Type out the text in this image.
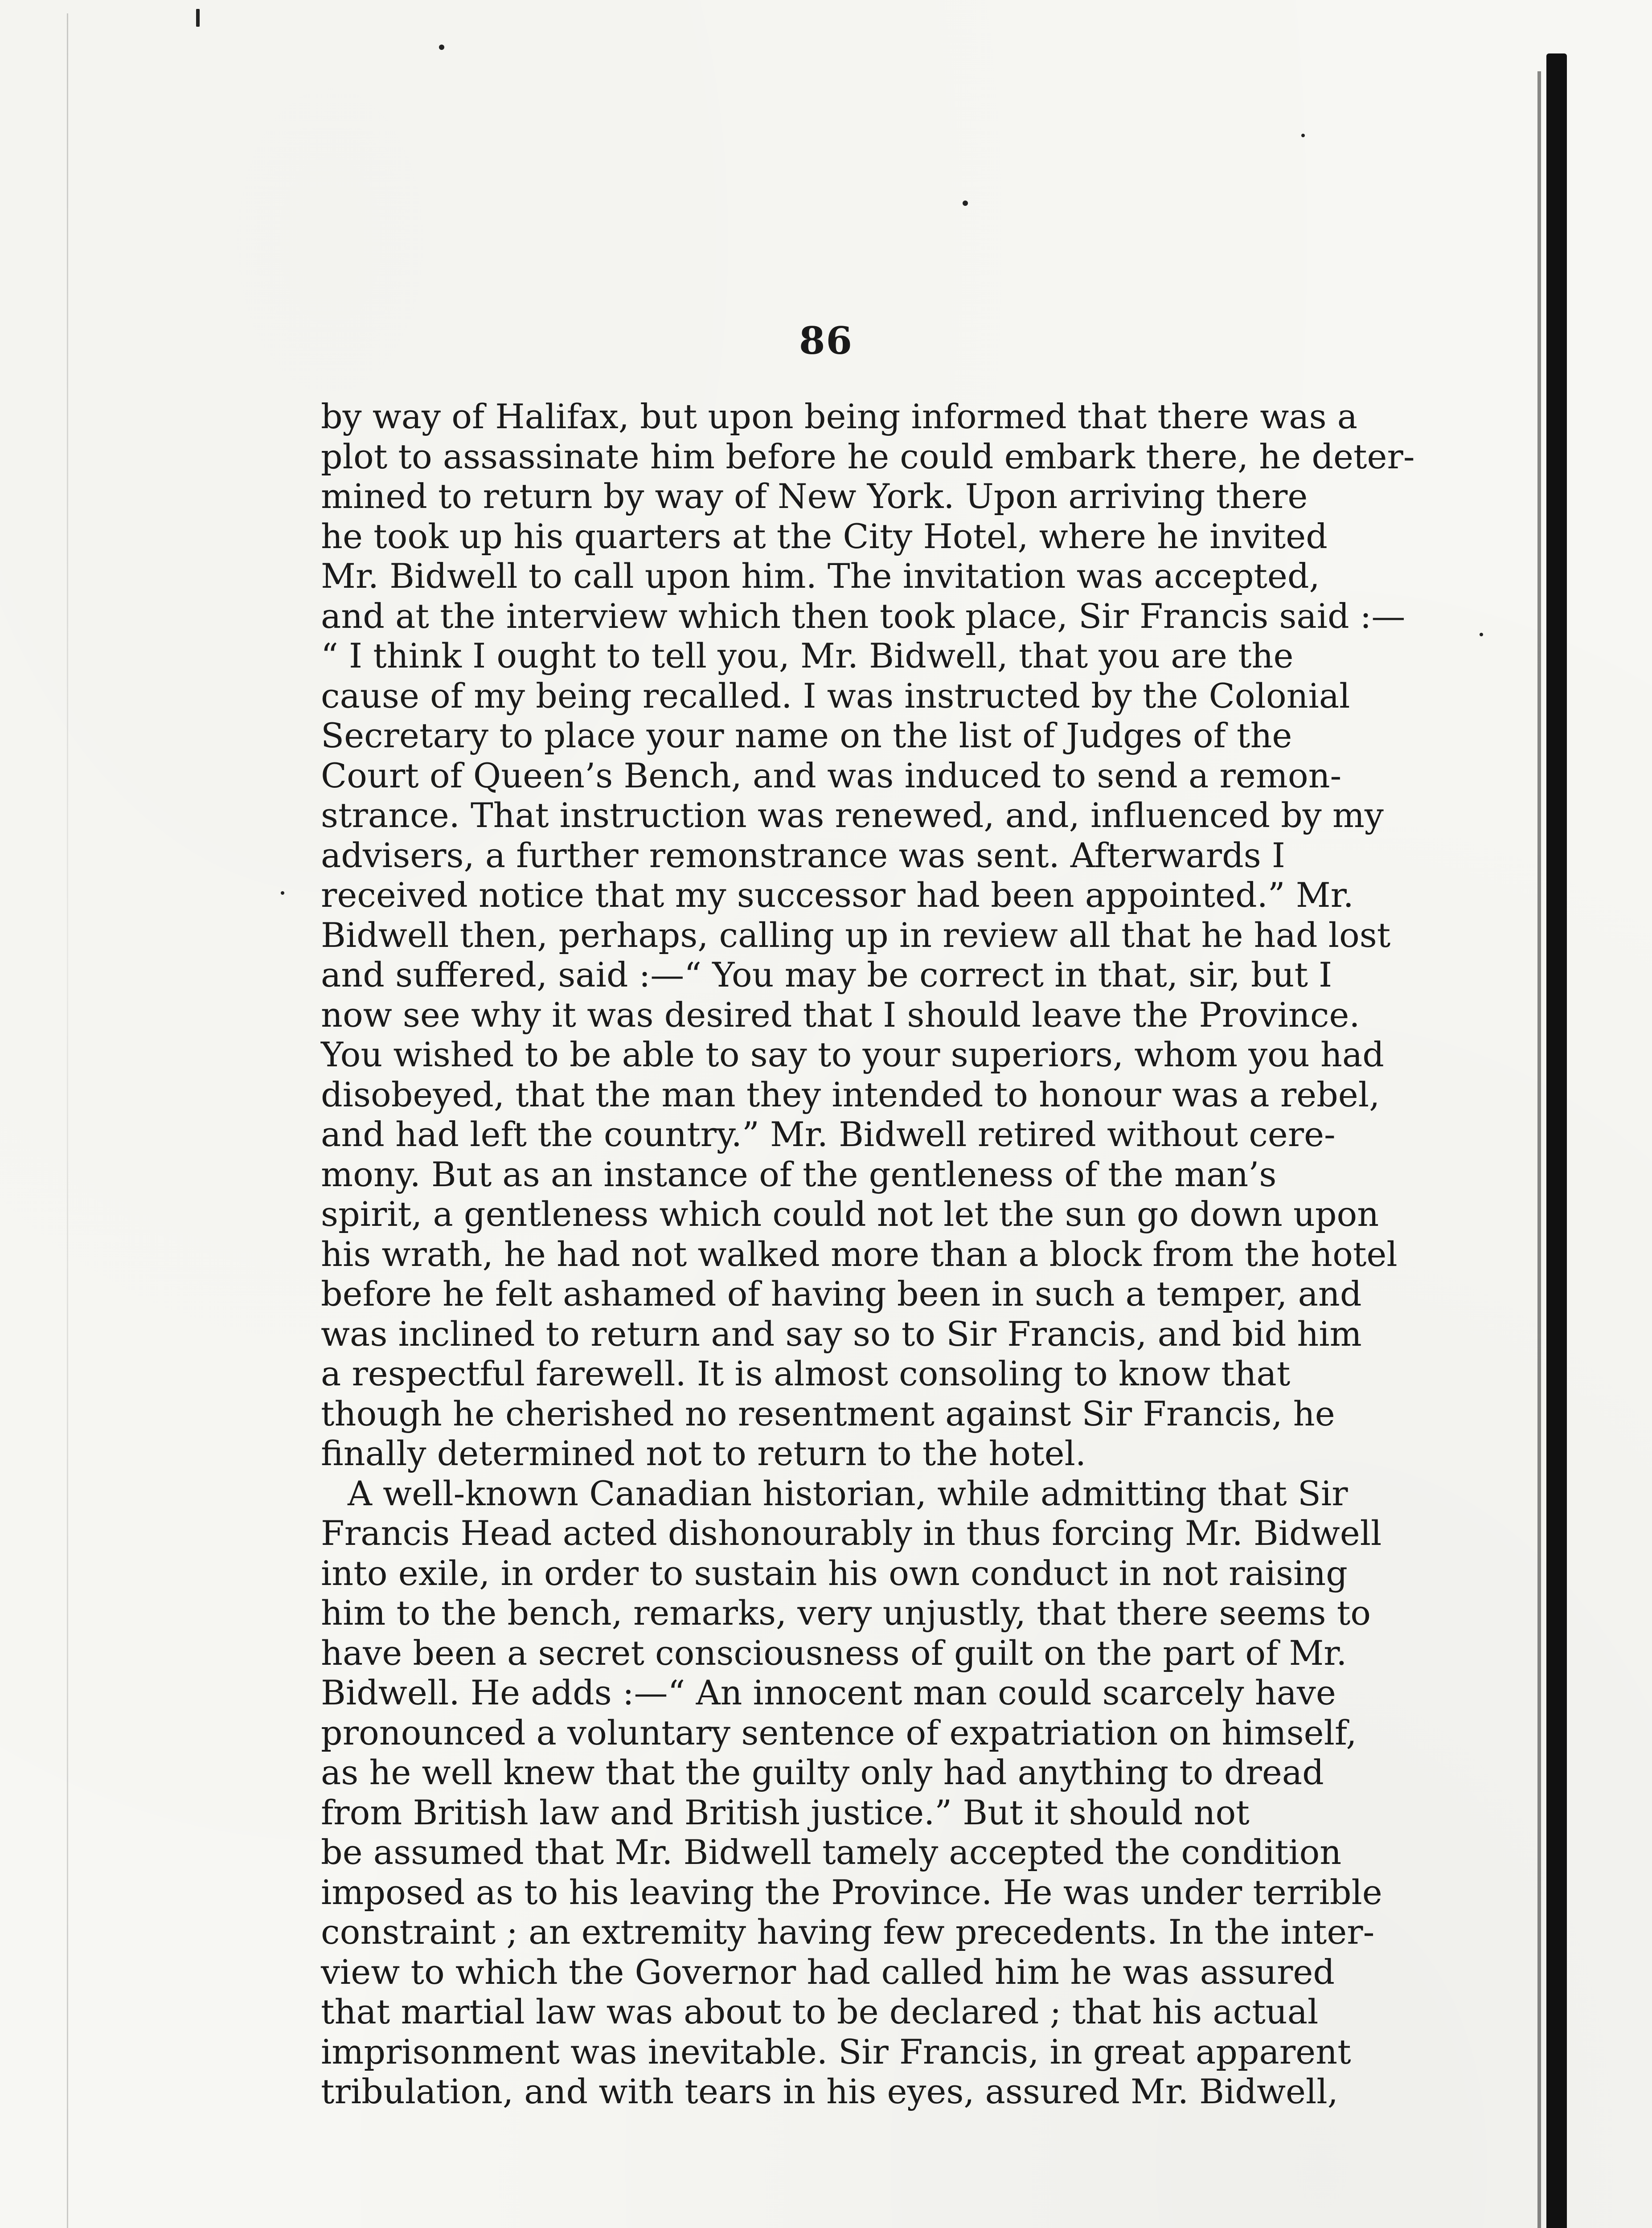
86
by way of Halifax, but upon being informed that there was a
plot to assassinate him before he could embark there, he deter-
mined to return by way of New York. Upon arriving there
he took up his quarters at the City Hotel, where he invited
Mr. Bidwell to call upon him. The invitation was accepted,
and at the interview which then took place, Sir Francis said :—
“ I think I ought to tell you, Mr. Bidwell, that you are the
cause of my being recalled. I was instructed by the Colonial
Secretary to place your name on the list of Judges of the
Court of Queen’s Bench, and was induced to send a remon-
strance. That instruction was renewed, and, influenced by my
advisers, a further remonstrance was sent. Afterwards I
received notice that my successor had been appointed.” Mr.
Bidwell then, perhaps, calling up in review all that he had lost
and suffered, said :—“ You may be correct in that, sir, but I
now see why it was desired that I should leave the Province.
You wished to be able to say to your superiors, whom you had
disobeyed, that the man they intended to honour was a rebel,
and had left the country.” Mr. Bidwell retired without cere-
mony. But as an instance of the gentleness of the man’s
spirit, a gentleness which could not let the sun go down upon
his wrath, he had not walked more than a block from the hotel
before he felt ashamed of having been in such a temper, and
was inclined to return and say so to Sir Francis, and bid him
a respectful farewell. It is almost consoling to know that
though he cherished no resentment against Sir Francis, he
finally determined not to return to the hotel.
A well-known Canadian historian, while admitting that Sir
Francis Head acted dishonourably in thus forcing Mr. Bidwell
into exile, in order to sustain his own conduct in not raising
him to the bench, remarks, very unjustly, that there seems to
have been a secret consciousness of guilt on the part of Mr.
Bidwell. He adds :—“ An innocent man could scarcely have
pronounced a voluntary sentence of expatriation on himself,
as he well knew that the guilty only had anything to dread
from British law and British justice.” But it should not
be assumed that Mr. Bidwell tamely accepted the condition
imposed as to his leaving the Province. He was under terrible
constraint ; an extremity having few precedents. In the inter-
view to which the Governor had called him he was assured
that martial law was about to be declared ; that his actual
imprisonment was inevitable. Sir Francis, in great apparent
tribulation, and with tears in his eyes, assured Mr. Bidwell,
